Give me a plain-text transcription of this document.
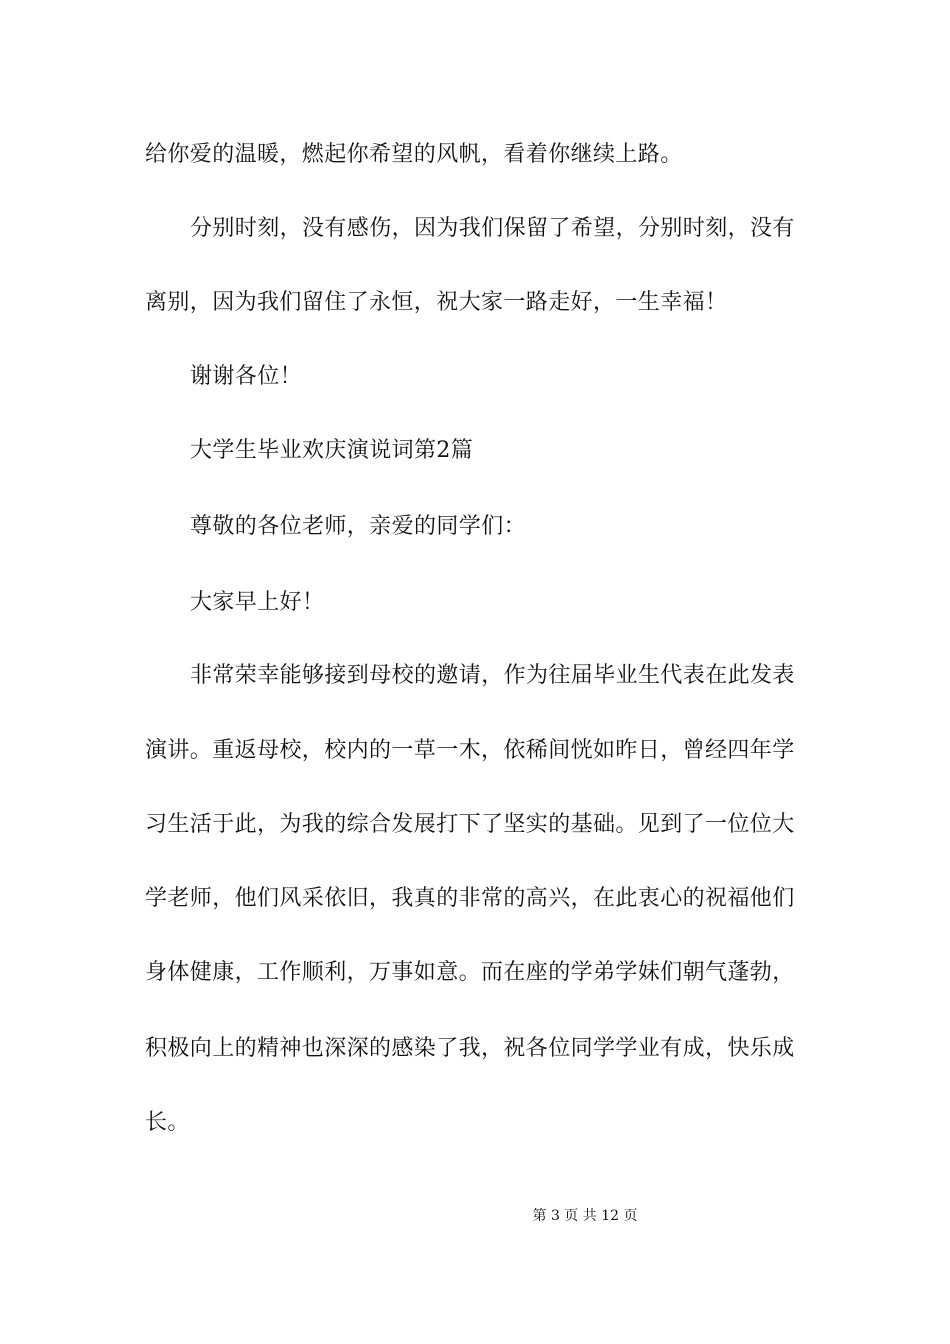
给你爱的温暖，燃起你希望的风帆，看着你继续上路。
分别时刻，没有感伤，因为我们保留了希望，分别时刻，没有
离别，因为我们留住了永恒，祝大家一路走好，一生幸福！
谢谢各位！
大学生毕业欢庆演说词第2篇
尊敬的各位老师，亲爱的同学们：
大家早上好！
非常荣幸能够接到母校的邀请，作为往届毕业生代表在此发表
演讲。重返母校，校内的一草一木，依稀间恍如昨日，曾经四年学
习生活于此，为我的综合发展打下了坚实的基础。见到了一位位大
学老师，他们风采依旧，我真的非常的高兴，在此衷心的祝福他们
身体健康，工作顺利，万事如意。而在座的学弟学妹们朝气蓬勃，
积极向上的精神也深深的感染了我，祝各位同学学业有成，快乐成
长。
第 3 页 共 12 页
